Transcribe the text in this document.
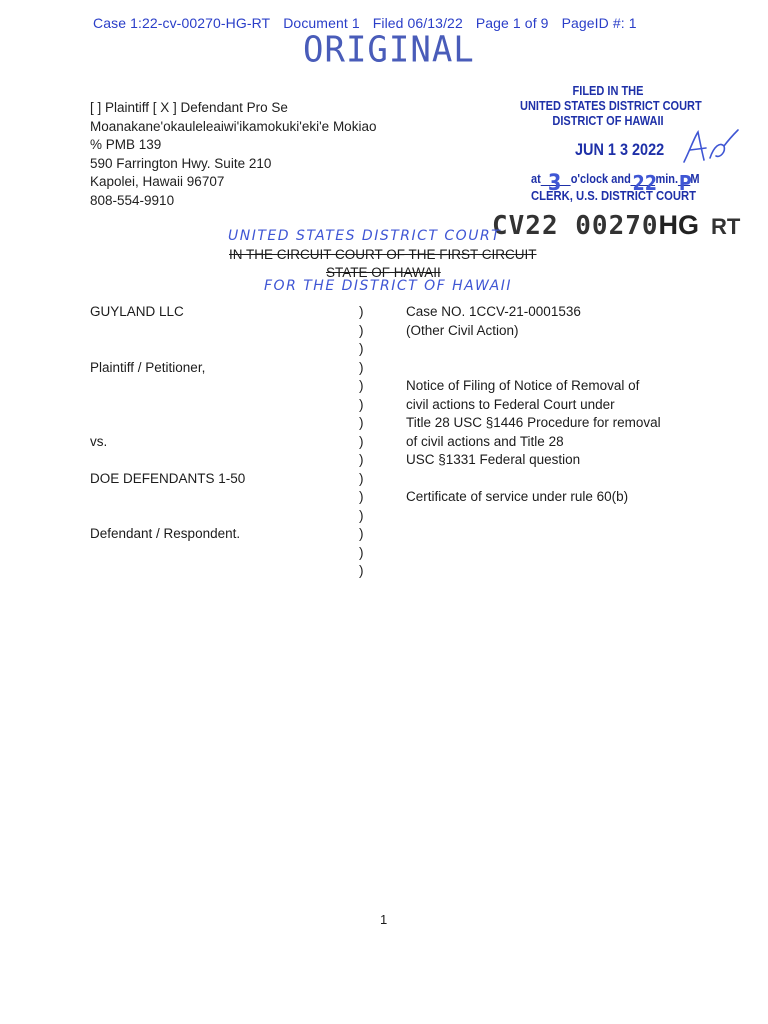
Case 1:22-cv-00270-HG-RT Document 1 Filed 06/13/22 Page 1 of 9 PageID #: 1
ORIGINAL
[ ] Plaintiff [ X ] Defendant Pro Se
Moanakane'okauleleaiwi'ikamokuki'eki'e Mokiao
% PMB 139
590 Farrington Hwy. Suite 210
Kapolei, Hawaii 96707
808-554-9910
FILED IN THE
UNITED STATES DISTRICT COURT
DISTRICT OF HAWAII
JUN 1 3 2022
at 3 o'clock and 22
min. P
M
CLERK, U.S. DISTRICT COURT
CV22 00270HG RT
UNITED STATES DISTRICT COURT
IN THE CIRCUIT COURT OF THE FIRST CIRCUIT
STATE OF HAWAII
FOR THE DISTRICT OF HAWAII
GUYLAND LLC
Plaintiff / Petitioner,
vs.
DOE DEFENDANTS 1-50
Defendant / Respondent.
)
)
)
)
)
)
)
)
)
)
)
)
)
)
)
Case NO. 1CCV-21-0001536
(Other Civil Action)
Notice of Filing of Notice of Removal of
civil actions to Federal Court under
Title 28 USC §1446 Procedure for removal
of civil actions and Title 28
USC §1331 Federal question
Certificate of service under rule 60(b)
1
